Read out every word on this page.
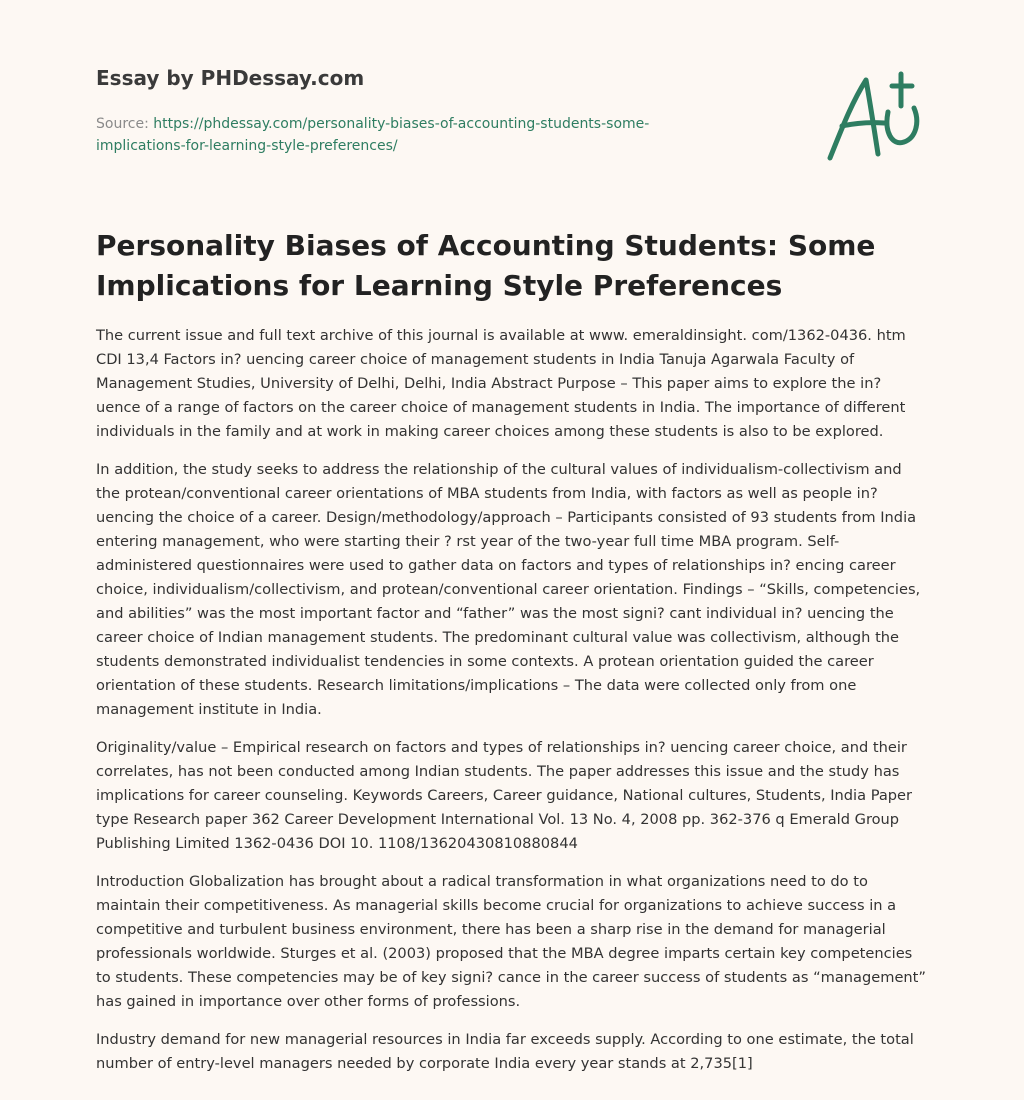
Essay by PHDessay.com
Source: https://phdessay.com/personality-biases-of-accounting-students-some-implications-for-learning-style-preferences/
Personality Biases of Accounting Students: Some Implications for Learning Style Preferences

The current issue and full text archive of this journal is available at www. emeraldinsight. com/1362-0436. htm CDI 13,4 Factors in? uencing career choice of management students in India Tanuja Agarwala Faculty of Management Studies, University of Delhi, Delhi, India Abstract Purpose – This paper aims to explore the in? uence of a range of factors on the career choice of management students in India. The importance of different individuals in the family and at work in making career choices among these students is also to be explored.

In addition, the study seeks to address the relationship of the cultural values of individualism-collectivism and the protean/conventional career orientations of MBA students from India, with factors as well as people in? uencing the choice of a career. Design/methodology/approach – Participants consisted of 93 students from India entering management, who were starting their ? rst year of the two-year full time MBA program. Self-administered questionnaires were used to gather data on factors and types of relationships in? encing career choice, individualism/collectivism, and protean/conventional career orientation. Findings – “Skills, competencies, and abilities” was the most important factor and “father” was the most signi? cant individual in? uencing the career choice of Indian management students. The predominant cultural value was collectivism, although the students demonstrated individualist tendencies in some contexts. A protean orientation guided the career orientation of these students. Research limitations/implications – The data were collected only from one management institute in India.

Originality/value – Empirical research on factors and types of relationships in? uencing career choice, and their correlates, has not been conducted among Indian students. The paper addresses this issue and the study has implications for career counseling. Keywords Careers, Career guidance, National cultures, Students, India Paper type Research paper 362 Career Development International Vol. 13 No. 4, 2008 pp. 362-376 q Emerald Group Publishing Limited 1362-0436 DOI 10. 1108/13620430810880844

Introduction Globalization has brought about a radical transformation in what organizations need to do to maintain their competitiveness. As managerial skills become crucial for organizations to achieve success in a competitive and turbulent business environment, there has been a sharp rise in the demand for managerial professionals worldwide. Sturges et al. (2003) proposed that the MBA degree imparts certain key competencies to students. These competencies may be of key signi? cance in the career success of students as “management” has gained in importance over other forms of professions.

Industry demand for new managerial resources in India far exceeds supply. According to one estimate, the total number of entry-level managers needed by corporate India every year stands at 2,735[1]
